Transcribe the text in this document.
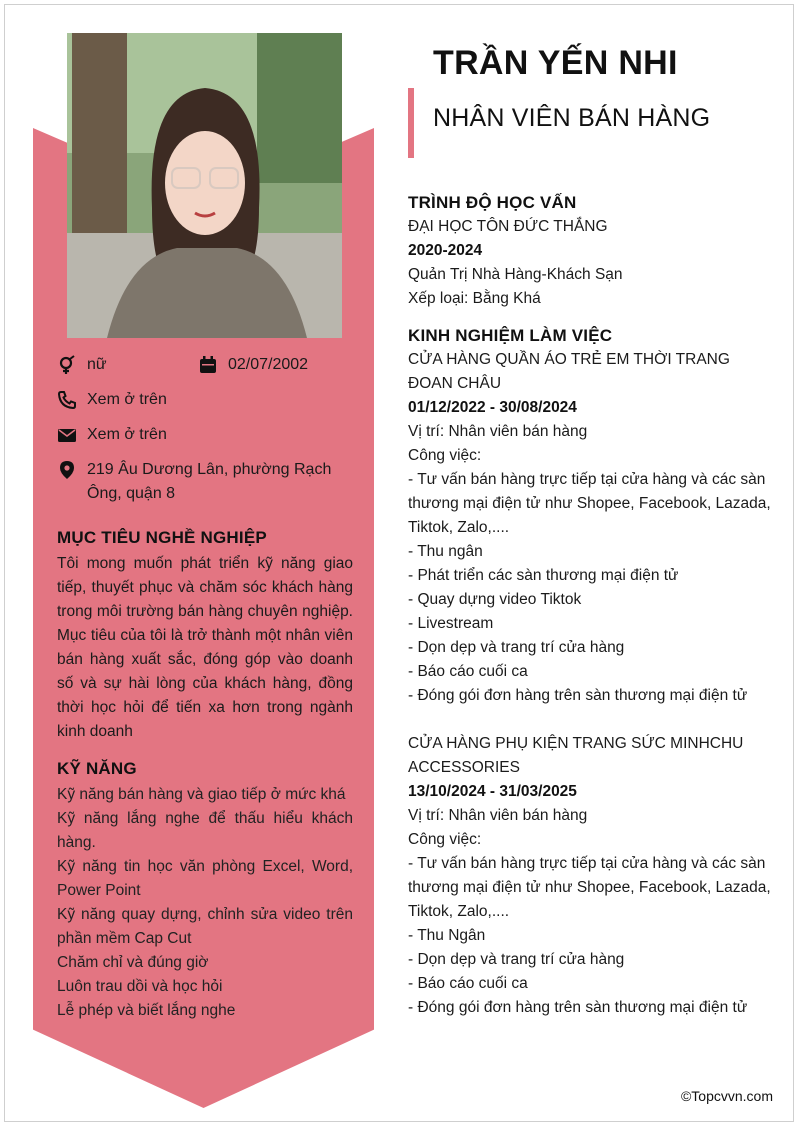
nữ	02/07/2002
Xem ở trên
Xem ở trên
219 Âu Dương Lân, phường Rạch Ông, quận 8
MỤC TIÊU NGHỀ NGHIỆP

Tôi mong muốn phát triển kỹ năng giao tiếp, thuyết phục và chăm sóc khách hàng trong môi trường bán hàng chuyên nghiệp. Mục tiêu của tôi là trở thành một nhân viên bán hàng xuất sắc, đóng góp vào doanh số và sự hài lòng của khách hàng, đồng thời học hỏi để tiến xa hơn trong ngành kinh doanh

KỸ NĂNG
Kỹ năng bán hàng và giao tiếp ở mức khá
Kỹ năng lắng nghe để thấu hiểu khách hàng.
Kỹ năng tin học văn phòng Excel, Word, Power Point
Kỹ năng quay dựng, chỉnh sửa video trên phần mềm Cap Cut
Chăm chỉ và đúng giờ
Luôn trau dồi và học hỏi
Lễ phép và biết lắng nghe
TRẦN YẾN NHI
NHÂN VIÊN BÁN HÀNG
TRÌNH ĐỘ HỌC VẤN

ĐẠI HỌC TÔN ĐỨC THẮNG

2020-2024

Quản Trị Nhà Hàng-Khách Sạn

Xếp loại: Bằng Khá

KINH NGHIỆM LÀM VIỆC

CỬA HÀNG QUẦN ÁO TRẺ EM THỜI TRANG ĐOAN CHÂU

01/12/2022 - 30/08/2024

Vị trí: Nhân viên bán hàng

Công việc:

- Tư vấn bán hàng trực tiếp tại cửa hàng và các sàn thương mại điện tử như Shopee, Facebook, Lazada, Tiktok, Zalo,....

- Thu ngân

- Phát triển các sàn thương mại điện tử

- Quay dựng video Tiktok

- Livestream

- Dọn dẹp và trang trí cửa hàng

- Báo cáo cuối ca

- Đóng gói đơn hàng trên sàn thương mại điện tử

CỬA HÀNG PHỤ KIỆN TRANG SỨC MINHCHU ACCESSORIES

13/10/2024 - 31/03/2025

Vị trí: Nhân viên bán hàng

Công việc:

- Tư vấn bán hàng trực tiếp tại cửa hàng và các sàn thương mại điện tử như Shopee, Facebook, Lazada, Tiktok, Zalo,....

- Thu Ngân

- Dọn dẹp và trang trí cửa hàng

- Báo cáo cuối ca

- Đóng gói đơn hàng trên sàn thương mại điện tử

©Topcvvn.com
